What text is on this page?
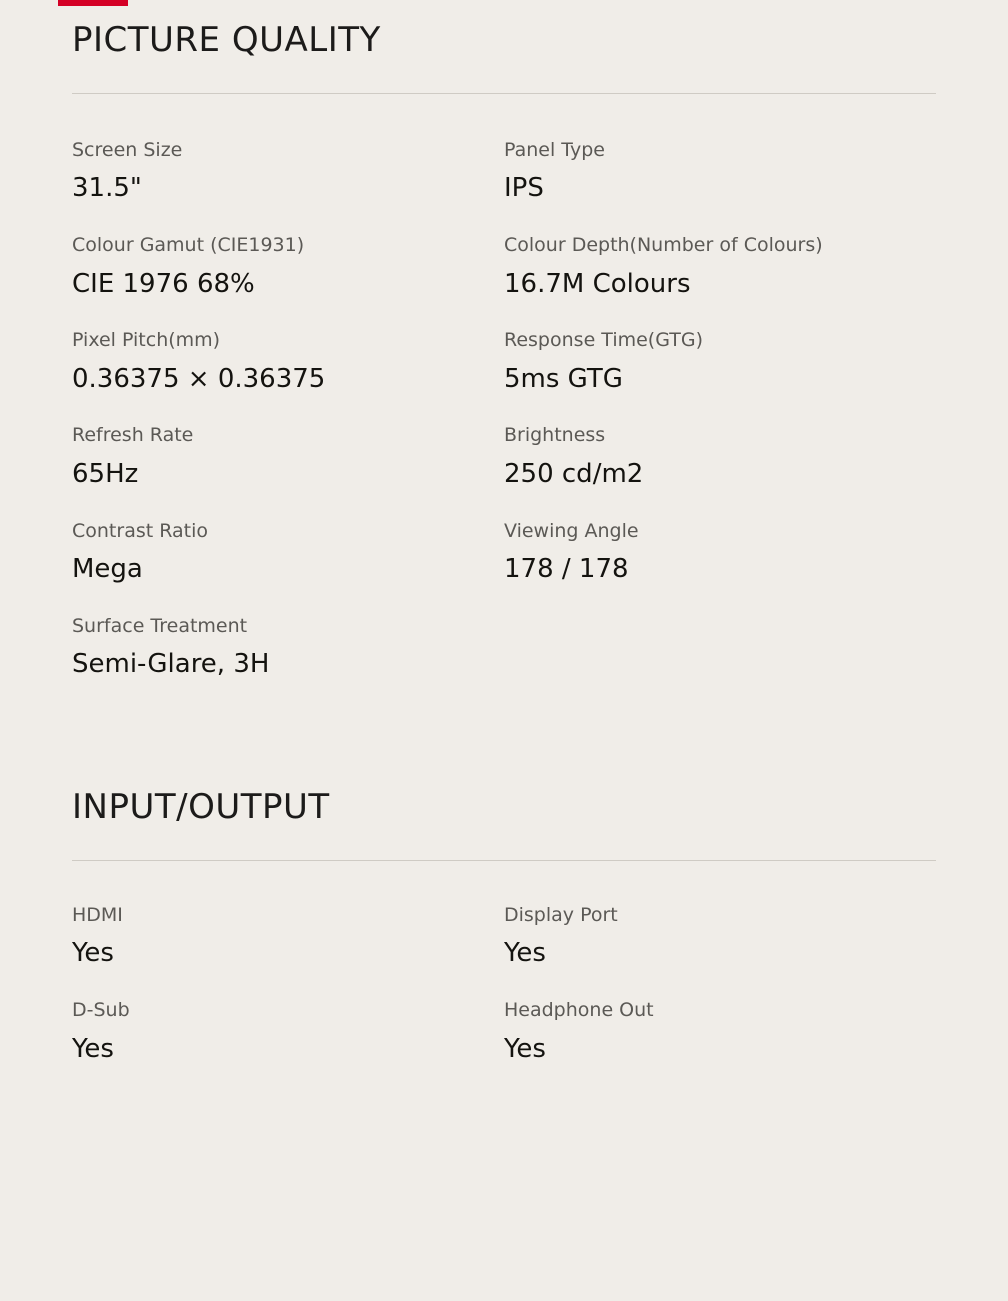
PICTURE QUALITY
Screen Size
31.5"
Panel Type
IPS
Colour Gamut (CIE1931)
CIE 1976 68%
Colour Depth(Number of Colours)
16.7M Colours
Pixel Pitch(mm)
0.36375 × 0.36375
Response Time(GTG)
5ms GTG
Refresh Rate
65Hz
Brightness
250 cd/m2
Contrast Ratio
Mega
Viewing Angle
178 / 178
Surface Treatment
Semi-Glare, 3H
INPUT/OUTPUT
HDMI
Yes
Display Port
Yes
D-Sub
Yes
Headphone Out
Yes
